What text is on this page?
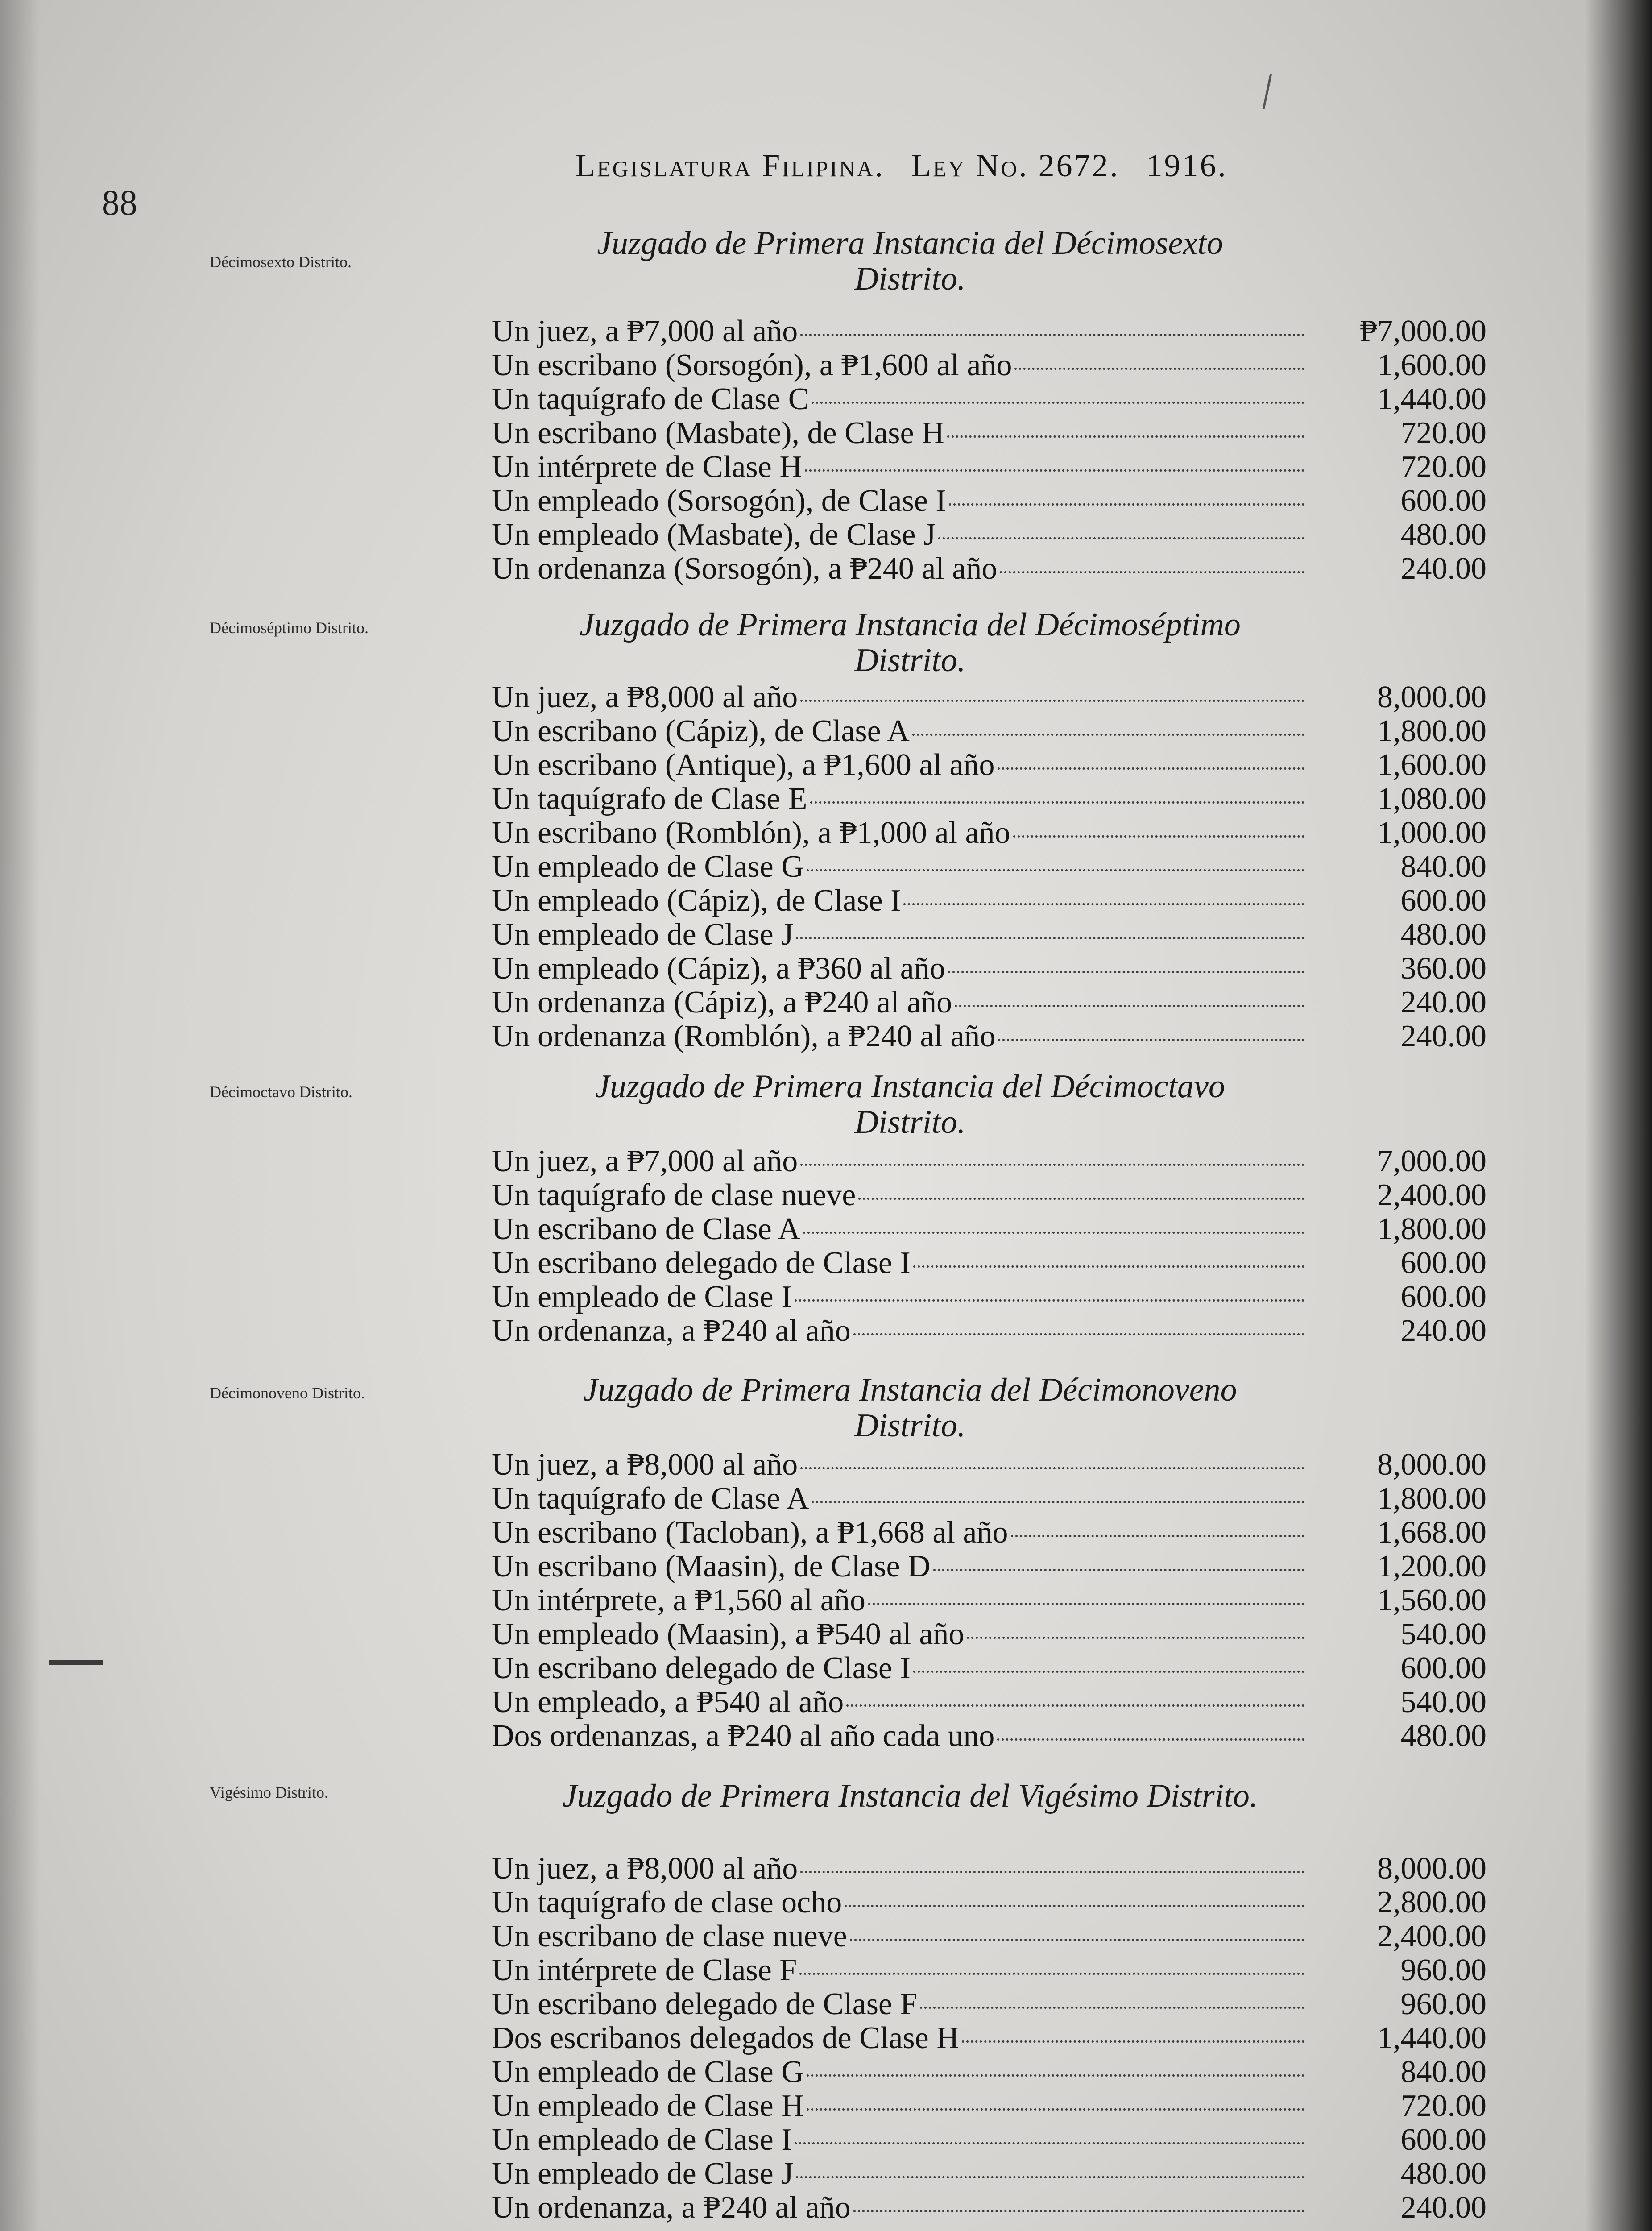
88
Legislatura Filipina. Ley No. 2672. 1916.
Décimosexto Distrito.
Juzgado de Primera Instancia del Décimosexto Distrito.
Un juez, a ₱7,000 al año	₱7,000.00
Un escribano (Sorsogón), a ₱1,600 al año	1,600.00
Un taquígrafo de Clase C	1,440.00
Un escribano (Masbate), de Clase H	720.00
Un intérprete de Clase H	720.00
Un empleado (Sorsogón), de Clase I	600.00
Un empleado (Masbate), de Clase J	480.00
Un ordenanza (Sorsogón), a ₱240 al año	240.00
Décimoséptimo Distrito.	Juzgado de Primera Instancia del Décimoséptimo Distrito.
Un juez, a ₱8,000 al año	8,000.00
Un escribano (Cápiz), de Clase A	1,800.00
Un escribano (Antique), a ₱1,600 al año	1,600.00
Un taquígrafo de Clase E	1,080.00
Un escribano (Romblón), a ₱1,000 al año	1,000.00
Un empleado de Clase G	840.00
Un empleado (Cápiz), de Clase I	600.00
Un empleado de Clase J	480.00
Un empleado (Cápiz), a ₱360 al año	360.00
Un ordenanza (Cápiz), a ₱240 al año	240.00
Un ordenanza (Romblón), a ₱240 al año	240.00
Décimoctavo Distrito.	Juzgado de Primera Instancia del Décimoctavo Distrito.
Un juez, a ₱7,000 al año	7,000.00
Un taquígrafo de clase nueve	2,400.00
Un escribano de Clase A	1,800.00
Un escribano delegado de Clase I	600.00
Un empleado de Clase I	600.00
Un ordenanza, a ₱240 al año	240.00
Décimonoveno Distrito.	Juzgado de Primera Instancia del Décimonoveno Distrito.
Un juez, a ₱8,000 al año	8,000.00
Un taquígrafo de Clase A	1,800.00
Un escribano (Tacloban), a ₱1,668 al año	1,668.00
Un escribano (Maasin), de Clase D	1,200.00
Un intérprete, a ₱1,560 al año	1,560.00
Un empleado (Maasin), a ₱540 al año	540.00
Un escribano delegado de Clase I	600.00
Un empleado, a ₱540 al año	540.00
Dos ordenanzas, a ₱240 al año cada uno	480.00
Vigésimo Distrito.	Juzgado de Primera Instancia del Vigésimo Distrito.
Un juez, a ₱8,000 al año	8,000.00
Un taquígrafo de clase ocho	2,800.00
Un escribano de clase nueve	2,400.00
Un intérprete de Clase F	960.00
Un escribano delegado de Clase F	960.00
Dos escribanos delegados de Clase H	1,440.00
Un empleado de Clase G	840.00
Un empleado de Clase H	720.00
Un empleado de Clase I	600.00
Un empleado de Clase J	480.00
Un ordenanza, a ₱240 al año	240.00
